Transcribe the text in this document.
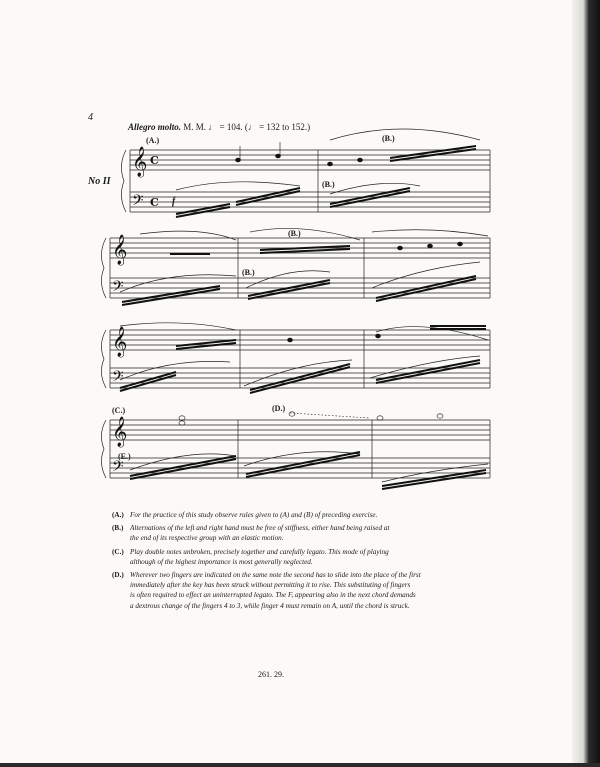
4
Allegro molto. M. M. ♩ = 104. (♩ = 132 to 152.)
No II
𝄞
𝄢
𝄞
𝄢
𝄞
𝄢
𝄞
𝄢
C
C
(A.)	(B.)
(B.)
(B.)
(B.)
(C.)	(D.)
(E.)
f
(A.) For the practice of this study observe rules given to (A) and (B) of preceding exercise.
(B.) Alternations of the left and right hand must be free of stiffness, either hand being raised at
the end of its respective group with an elastic motion.
(C.) Play double notes unbroken, precisely together and carefully legato. This mode of playing
although of the highest importance is most generally neglected.
(D.) Wherever two fingers are indicated on the same note the second has to slide into the place of the first
immediately after the key has been struck without permitting it to rise. This substituting of fingers
is often required to effect an uninterrupted legato. The F, appearing also in the next chord demands
a dextrous change of the fingers 4 to 3, while finger 4 must remain on A, until the chord is struck.
261. 29.
